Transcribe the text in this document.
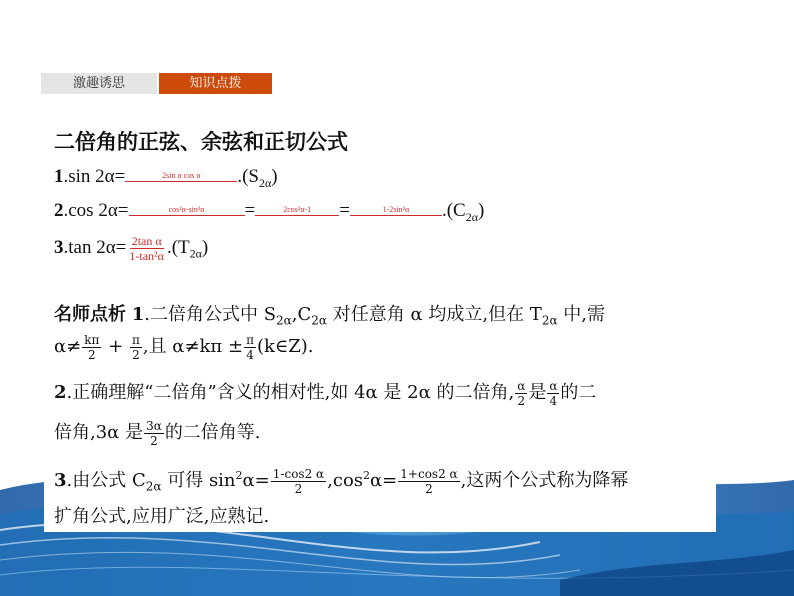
激趣诱思	知识点拨
二倍角的正弦、余弦和正切公式
1.sin 2α=	2sin α cos α $.(S_{2\alpha})$
2.cos 2α=	cos²α-sin²α =	2cos²α-1 =	1-2sin²α $.(C_{2\alpha})$
3.tan $2\alpha= \frac{\text{2tan α}}{\text{1-tan²α}} .(T_{2\alpha})$
名师点析 1.二倍角公式中 $S_{2\alpha},C_{2\alpha}$ 对任意角 α 均成立,但在 $T_{2\alpha}$ 中,需
$\alpha\ne \frac{k\pi}{2} + \frac{\pi}{2}$ ,且 $\alpha\ne k\pi \pm \frac{\pi}{4}$ (k∈Z).
2.正确理解“二倍角”含义的相对性,如 4α 是 2α 的二倍角, $\frac{\alpha}{2}$ 是 $\frac{\alpha}{4}$ 的二
倍角,3α 是 $\frac{3\alpha}{2}$ 的二倍角等.
3.由公式 $C_{2\alpha}$ 可得 $\sin^2\alpha= \frac{1-\cos 2 \alpha}{2} ,\cos^2\alpha= \frac{1+\cos 2 \alpha}{2}$ ,这两个公式称为降幂
扩角公式,应用广泛,应熟记.
